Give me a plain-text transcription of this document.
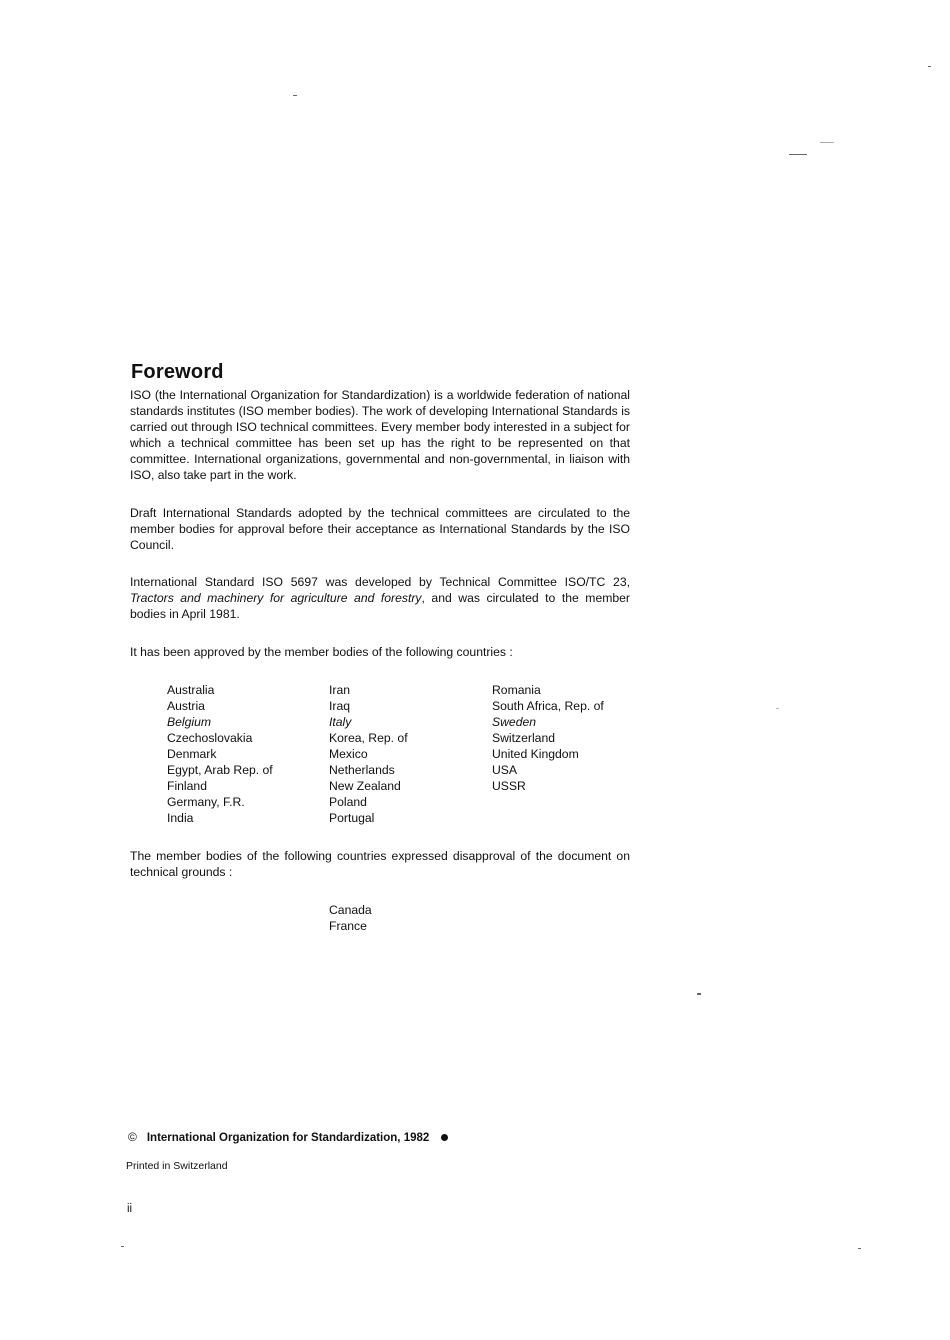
Foreword

ISO (the International Organization for Standardization) is a worldwide federation of national standards institutes (ISO member bodies). The work of developing International Standards is carried out through ISO technical committees. Every member body interested in a subject for which a technical committee has been set up has the right to be represented on that committee. International organizations, governmental and non-governmental, in liaison with ISO, also take part in the work.

Draft International Standards adopted by the technical committees are circulated to the member bodies for approval before their acceptance as International Standards by the ISO Council.

International Standard ISO 5697 was developed by Technical Committee ISO/TC 23, Tractors and machinery for agriculture and forestry, and was circulated to the member bodies in April 1981.

It has been approved by the member bodies of the following countries :

Australia
Austria
Belgium
Czechoslovakia
Denmark
Egypt, Arab Rep. of
Finland
Germany, F.R.
India
Iran
Iraq
Italy
Korea, Rep. of
Mexico
Netherlands
New Zealand
Poland
Portugal
Romania
South Africa, Rep. of
Sweden
Switzerland
United Kingdom
USA
USSR

The member bodies of the following countries expressed disapproval of the document on technical grounds :

Canada
France
© International Organization for Standardization, 1982
Printed in Switzerland
ii
